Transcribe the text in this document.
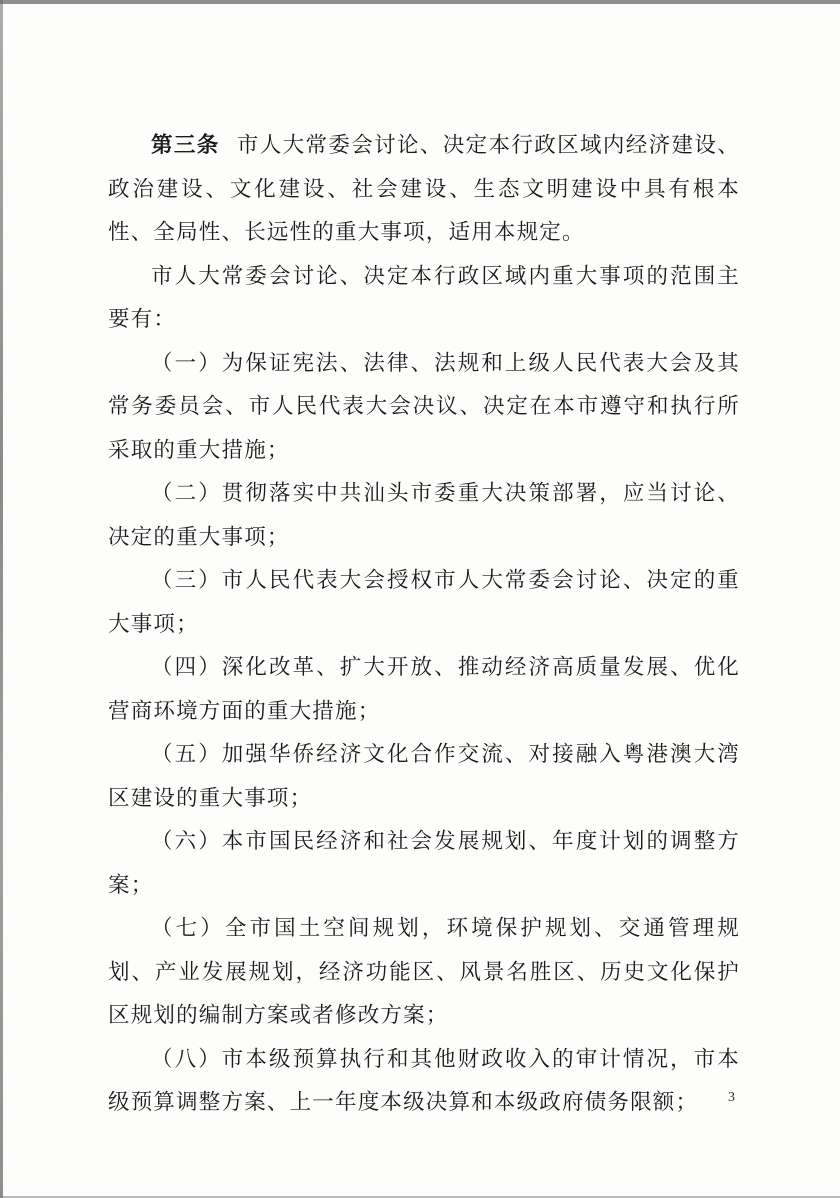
第三条 市人大常委会讨论、决定本行政区域内经济建设、政治建设、文化建设、社会建设、生态文明建设中具有根本性、全局性、长远性的重大事项，适用本规定。

市人大常委会讨论、决定本行政区域内重大事项的范围主要有：

（一）为保证宪法、法律、法规和上级人民代表大会及其常务委员会、市人民代表大会决议、决定在本市遵守和执行所采取的重大措施；

（二）贯彻落实中共汕头市委重大决策部署，应当讨论、决定的重大事项；

（三）市人民代表大会授权市人大常委会讨论、决定的重大事项；

（四）深化改革、扩大开放、推动经济高质量发展、优化营商环境方面的重大措施；

（五）加强华侨经济文化合作交流、对接融入粤港澳大湾区建设的重大事项；

（六）本市国民经济和社会发展规划、年度计划的调整方案；

（七）全市国土空间规划，环境保护规划、交通管理规划、产业发展规划，经济功能区、风景名胜区、历史文化保护区规划的编制方案或者修改方案；

（八）市本级预算执行和其他财政收入的审计情况，市本级预算调整方案、上一年度本级决算和本级政府债务限额；	3
